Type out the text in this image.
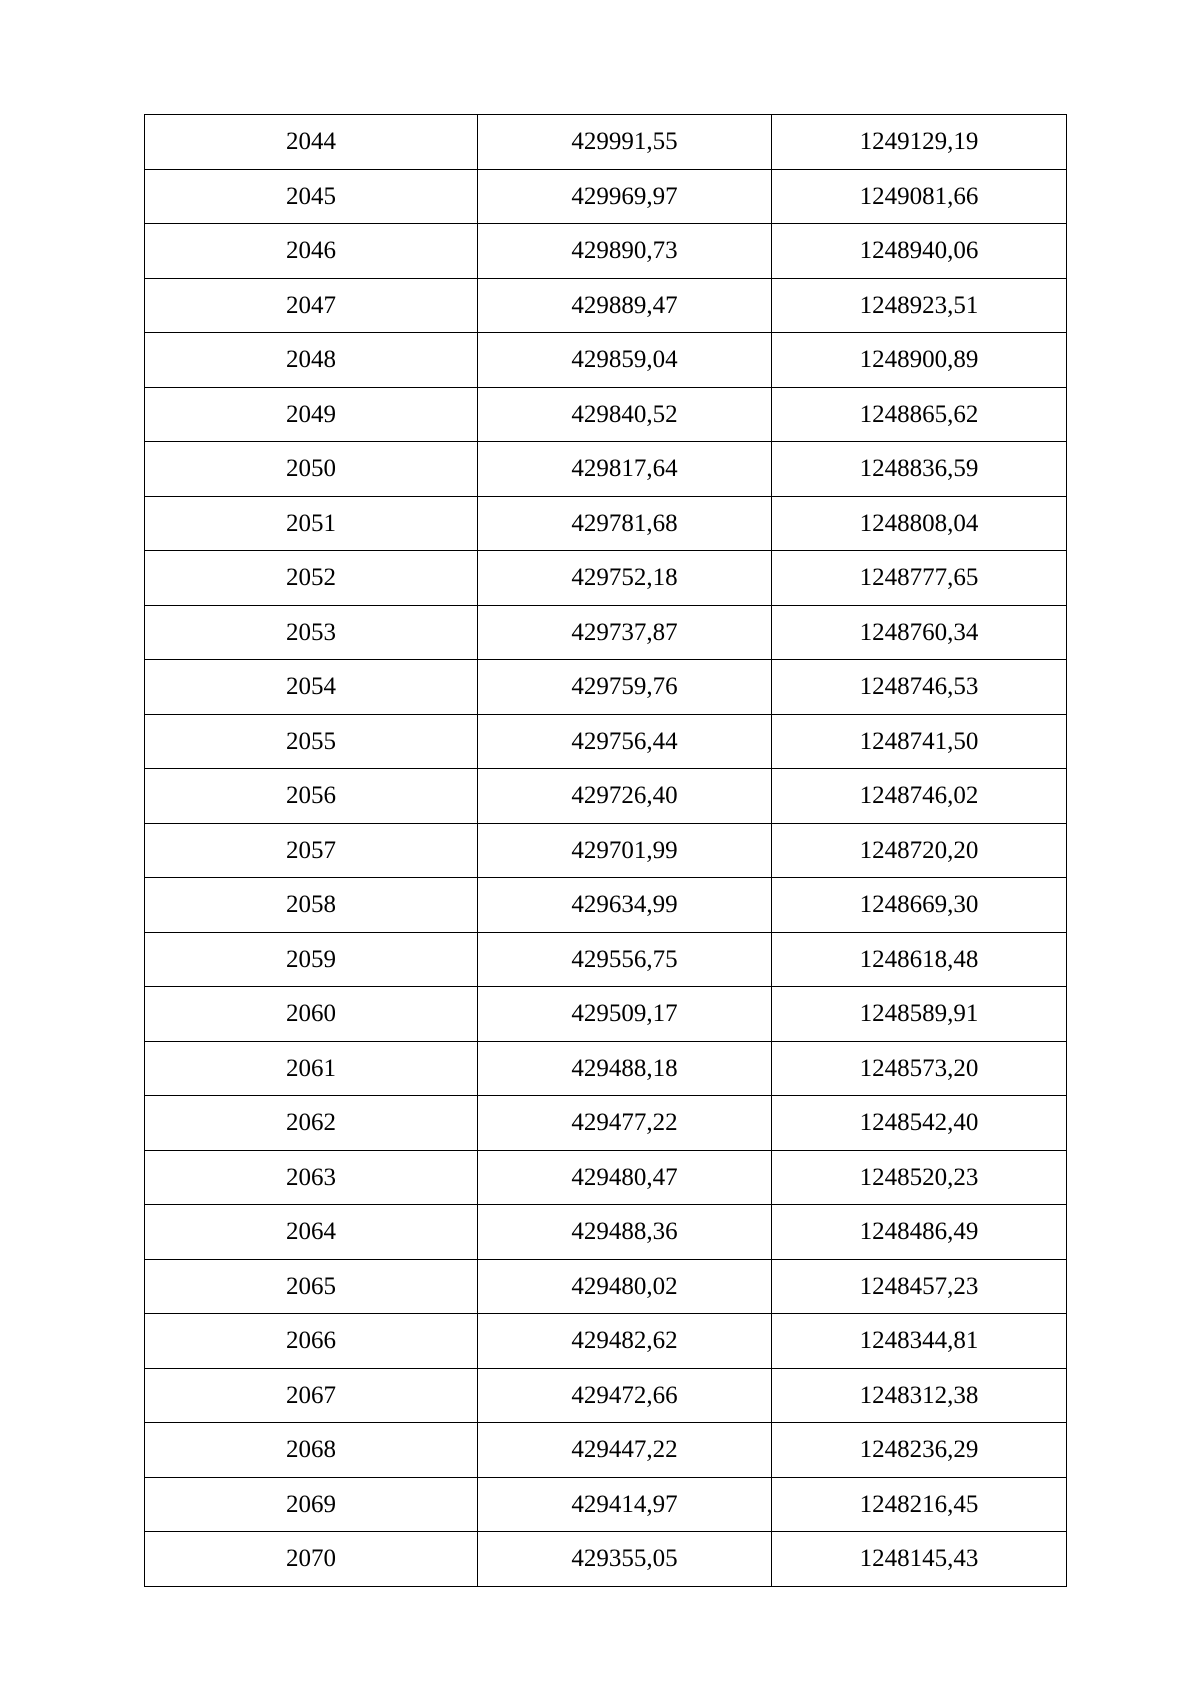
2044	429991,55	1249129,19
2045	429969,97	1249081,66
2046	429890,73	1248940,06
2047	429889,47	1248923,51
2048	429859,04	1248900,89
2049	429840,52	1248865,62
2050	429817,64	1248836,59
2051	429781,68	1248808,04
2052	429752,18	1248777,65
2053	429737,87	1248760,34
2054	429759,76	1248746,53
2055	429756,44	1248741,50
2056	429726,40	1248746,02
2057	429701,99	1248720,20
2058	429634,99	1248669,30
2059	429556,75	1248618,48
2060	429509,17	1248589,91
2061	429488,18	1248573,20
2062	429477,22	1248542,40
2063	429480,47	1248520,23
2064	429488,36	1248486,49
2065	429480,02	1248457,23
2066	429482,62	1248344,81
2067	429472,66	1248312,38
2068	429447,22	1248236,29
2069	429414,97	1248216,45
2070	429355,05	1248145,43
